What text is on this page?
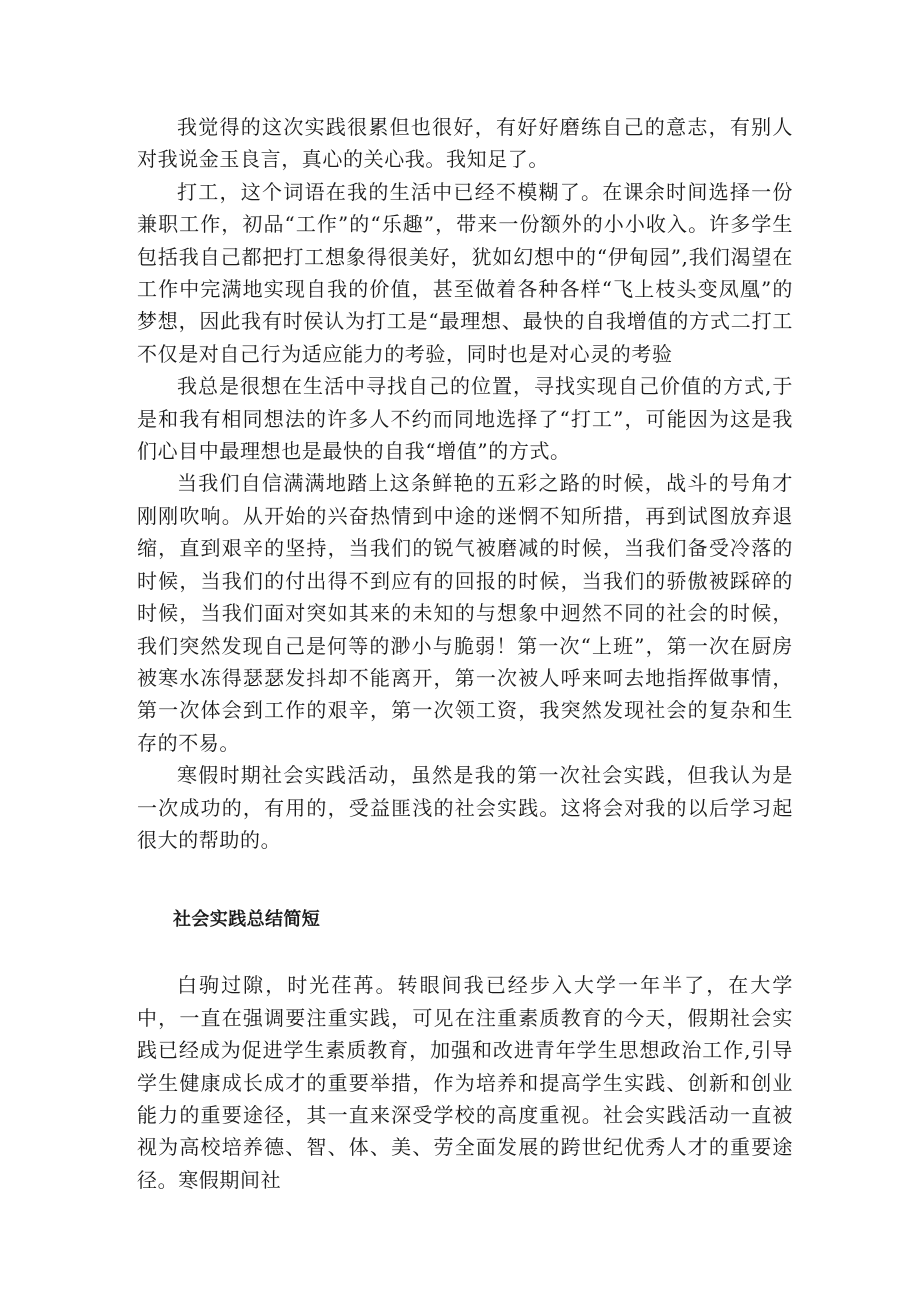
我觉得的这次实践很累但也很好，有好好磨练自己的意志，有别人对我说金玉良言，真心的关心我。我知足了。

打工，这个词语在我的生活中已经不模糊了。在课余时间选择一份兼职工作，初品“工作”的“乐趣”，带来一份额外的小小收入。许多学生包括我自己都把打工想象得很美好，犹如幻想中的“伊甸园”,我们渴望在工作中完满地实现自我的价值，甚至做着各种各样“飞上枝头变凤凰”的梦想，因此我有时侯认为打工是“最理想、最快的自我增值的方式二打工不仅是对自己行为适应能力的考验，同时也是对心灵的考验

我总是很想在生活中寻找自己的位置，寻找实现自己价值的方式,于是和我有相同想法的许多人不约而同地选择了“打工”，可能因为这是我们心目中最理想也是最快的自我“增值”的方式。

当我们自信满满地踏上这条鲜艳的五彩之路的时候，战斗的号角才刚刚吹响。从开始的兴奋热情到中途的迷惘不知所措，再到试图放弃退缩，直到艰辛的坚持，当我们的锐气被磨减的时候，当我们备受冷落的时候，当我们的付出得不到应有的回报的时候，当我们的骄傲被踩碎的时候，当我们面对突如其来的未知的与想象中迥然不同的社会的时候，我们突然发现自己是何等的渺小与脆弱！第一次“上班”，第一次在厨房被寒水冻得瑟瑟发抖却不能离开，第一次被人呼来呵去地指挥做事情，第一次体会到工作的艰辛，第一次领工资，我突然发现社会的复杂和生存的不易。

寒假时期社会实践活动，虽然是我的第一次社会实践，但我认为是一次成功的，有用的，受益匪浅的社会实践。这将会对我的以后学习起很大的帮助的。

社会实践总结简短

白驹过隙，时光荏苒。转眼间我已经步入大学一年半了，在大学中，一直在强调要注重实践，可见在注重素质教育的今天，假期社会实践已经成为促进学生素质教育，加强和改进青年学生思想政治工作,引导学生健康成长成才的重要举措，作为培养和提高学生实践、创新和创业能力的重要途径，其一直来深受学校的高度重视。社会实践活动一直被视为高校培养德、智、体、美、劳全面发展的跨世纪优秀人才的重要途径。寒假期间社
